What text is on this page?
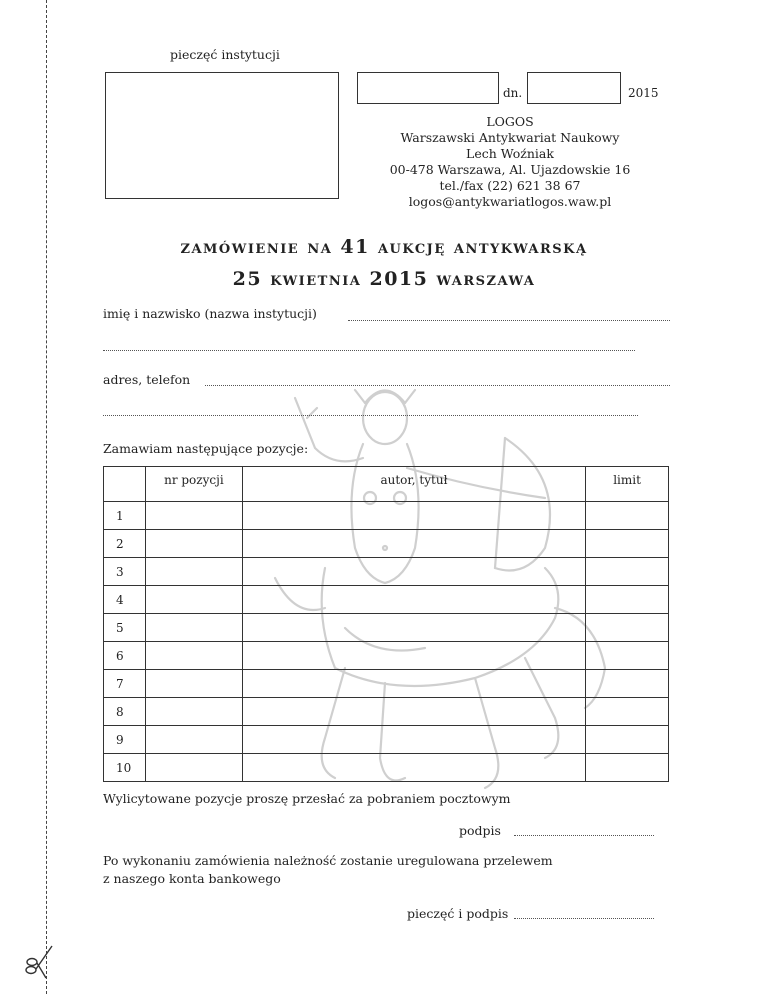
pieczęć instytucji
dn.	2015
LOGOS
Warszawski Antykwariat Naukowy
Lech Woźniak
00-478 Warszawa, Al. Ujazdowskie 16
tel./fax (22) 621 38 67
logos@antykwariatlogos.waw.pl
zamówienie na 41 aukcję antykwarską
25 kwietnia 2015 warszawa
imię i nazwisko (nazwa instytucji)
adres, telefon
Zamawiam następujące pozycje:
	nr pozycji	autor, tytuł	limit
1			
2			
3			
4			
5			
6			
7			
8			
9			
10			
Wylicytowane pozycje proszę przesłać za pobraniem pocztowym
podpis
Po wykonaniu zamówienia należność zostanie uregulowana przelewem
z naszego konta bankowego
pieczęć i podpis
